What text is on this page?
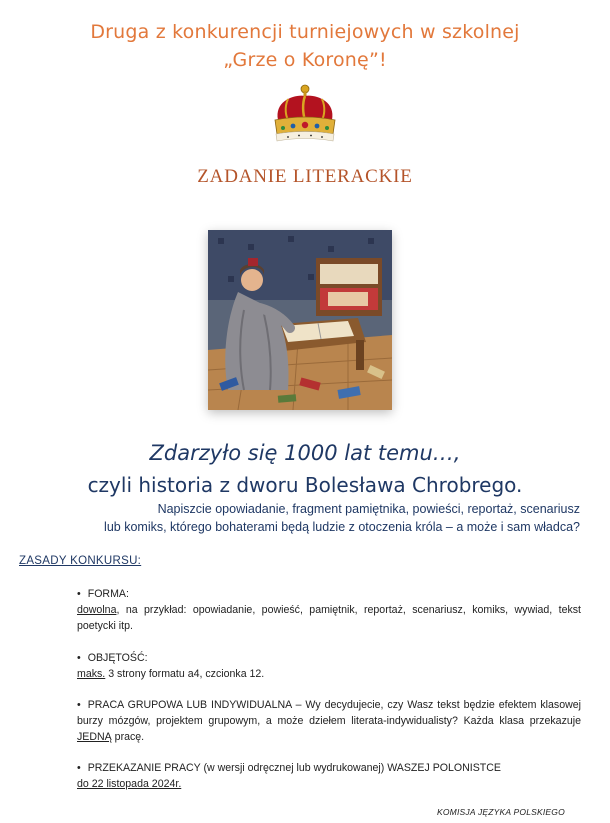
Druga z konkurencji turniejowych w szkolnej

„Grze o Koronę”!

ZADANIE LITERACKIE

Zdarzyło się 1000 lat temu…,

czyli historia z dworu Bolesława Chrobrego.

Napiszcie opowiadanie, fragment pamiętnika, powieści, reportaż, scenariusz
lub komiks, którego bohaterami będą ludzie z otoczenia króla – a może i sam władca?

ZASADY KONKURSU:

• FORMA:
dowolna, na przykład: opowiadanie, powieść, pamiętnik, reportaż, scenariusz, komiks, wywiad, tekst poetycki itp.
• OBJĘTOŚĆ:
maks. 3 strony formatu a4, czcionka 12.
• PRACA GRUPOWA LUB INDYWIDUALNA – Wy decydujecie, czy Wasz tekst będzie efektem klasowej burzy mózgów, projektem grupowym, a może dziełem literata-indywidualisty? Każda klasa przekazuje JEDNĄ pracę.
• PRZEKAZANIE PRACY (w wersji odręcznej lub wydrukowanej) WASZEJ POLONISTCE
do 22 listopada 2024r.

KOMISJA JĘZYKA POLSKIEGO
